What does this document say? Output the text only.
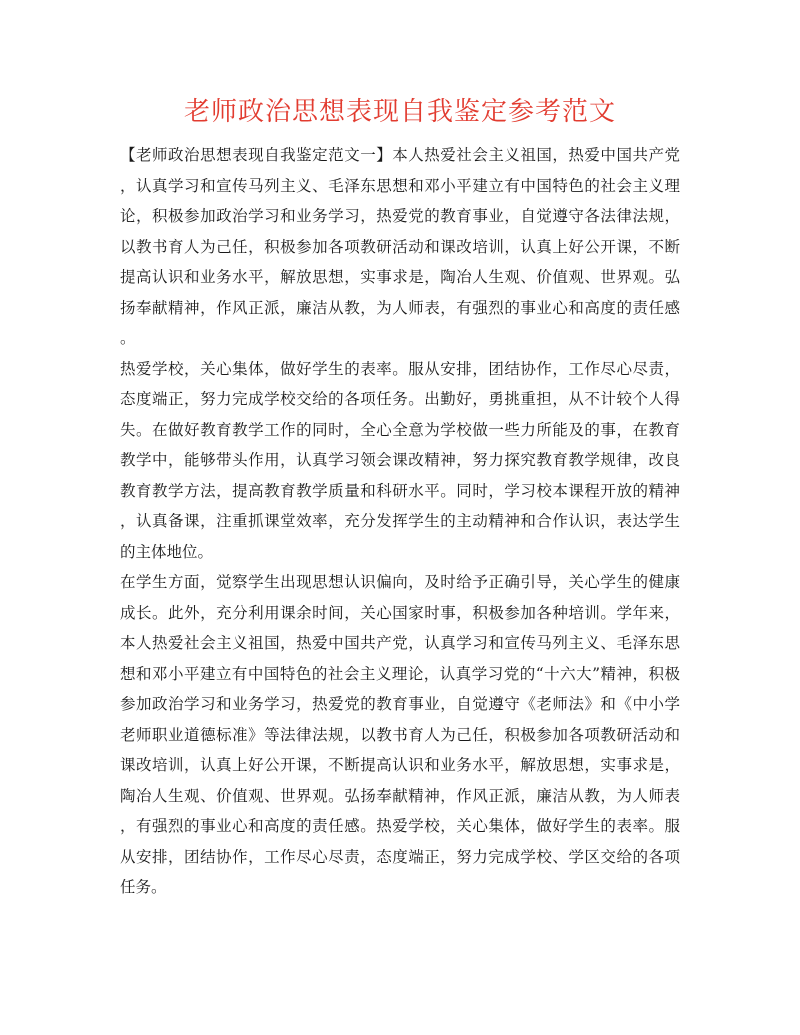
老师政治思想表现自我鉴定参考范文
【老师政治思想表现自我鉴定范文一】本人热爱社会主义祖国，热爱中国共产党
，认真学习和宣传马列主义、毛泽东思想和邓小平建立有中国特色的社会主义理
论，积极参加政治学习和业务学习，热爱党的教育事业，自觉遵守各法律法规，
以教书育人为己任，积极参加各项教研活动和课改培训，认真上好公开课，不断
提高认识和业务水平，解放思想，实事求是，陶冶人生观、价值观、世界观。弘
扬奉献精神，作风正派，廉洁从教，为人师表，有强烈的事业心和高度的责任感
。
热爱学校，关心集体，做好学生的表率。服从安排，团结协作，工作尽心尽责，
态度端正，努力完成学校交给的各项任务。出勤好，勇挑重担，从不计较个人得
失。在做好教育教学工作的同时，全心全意为学校做一些力所能及的事，在教育
教学中，能够带头作用，认真学习领会课改精神，努力探究教育教学规律，改良
教育教学方法，提高教育教学质量和科研水平。同时，学习校本课程开放的精神
，认真备课，注重抓课堂效率，充分发挥学生的主动精神和合作认识，表达学生
的主体地位。
在学生方面，觉察学生出现思想认识偏向，及时给予正确引导，关心学生的健康
成长。此外，充分利用课余时间，关心国家时事，积极参加各种培训。学年来，
本人热爱社会主义祖国，热爱中国共产党，认真学习和宣传马列主义、毛泽东思
想和邓小平建立有中国特色的社会主义理论，认真学习党的“十六大”精神，积极
参加政治学习和业务学习，热爱党的教育事业，自觉遵守《老师法》和《中小学
老师职业道德标准》等法律法规，以教书育人为己任，积极参加各项教研活动和
课改培训，认真上好公开课，不断提高认识和业务水平，解放思想，实事求是，
陶冶人生观、价值观、世界观。弘扬奉献精神，作风正派，廉洁从教，为人师表
，有强烈的事业心和高度的责任感。热爱学校，关心集体，做好学生的表率。服
从安排，团结协作，工作尽心尽责，态度端正，努力完成学校、学区交给的各项
任务。
